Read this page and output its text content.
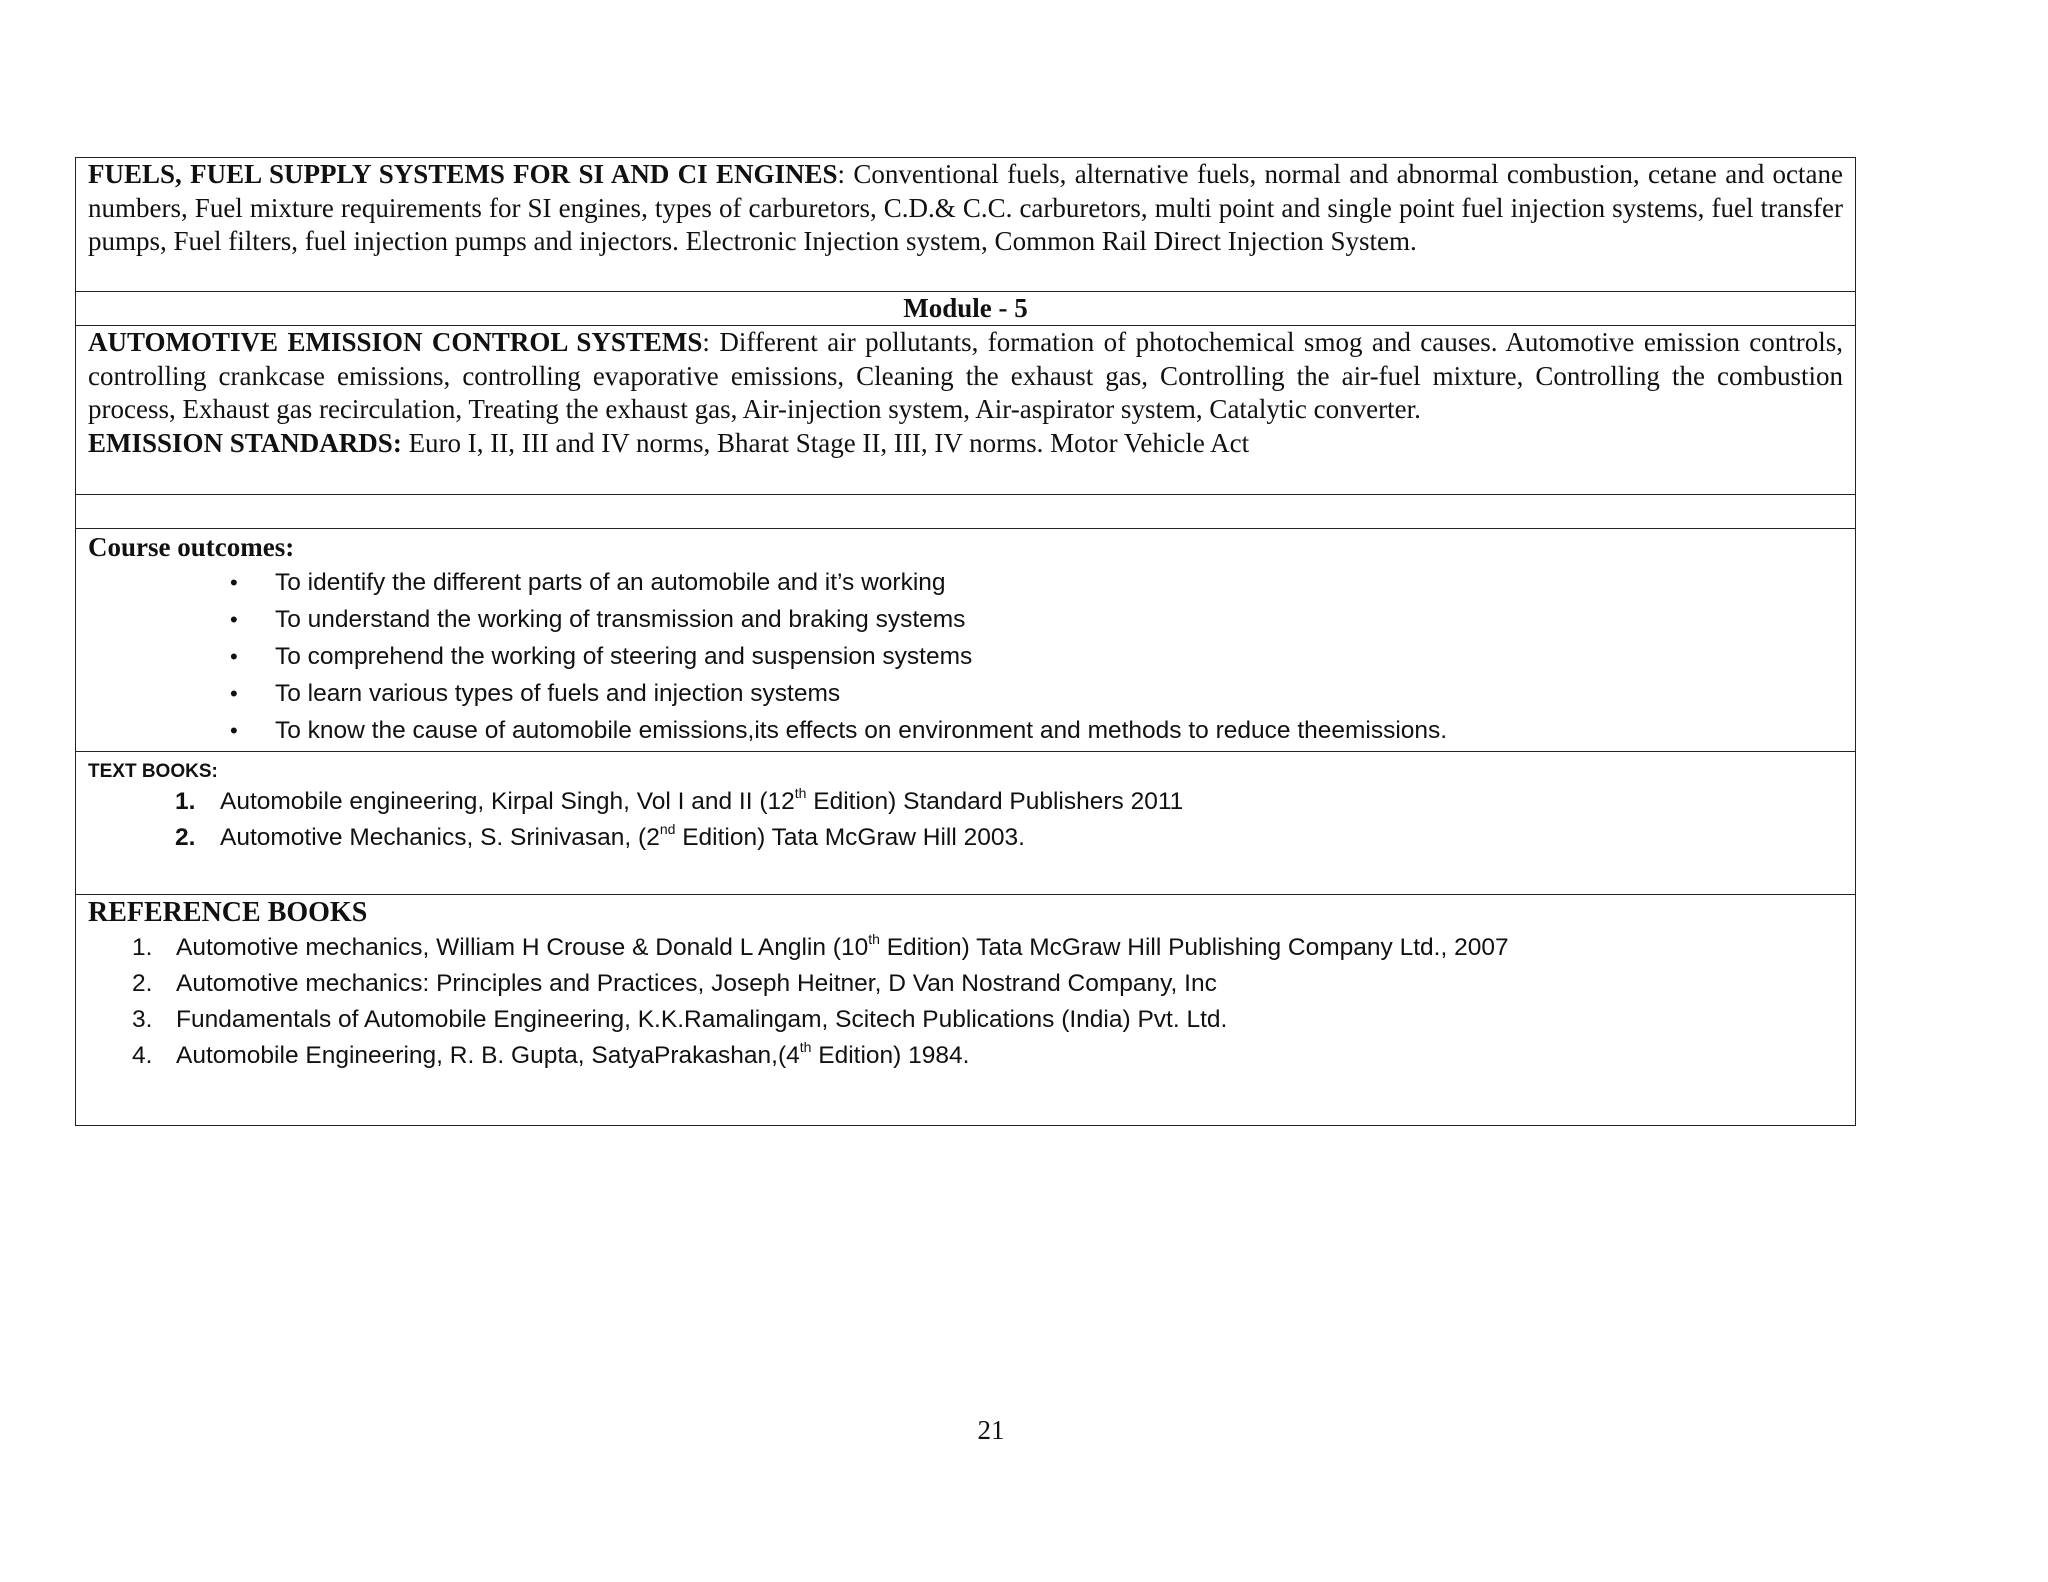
FUELS, FUEL SUPPLY SYSTEMS FOR SI AND CI ENGINES: Conventional fuels, alternative fuels, normal and abnormal combustion, cetane and octane numbers, Fuel mixture requirements for SI engines, types of carburetors, C.D.& C.C. carburetors, multi point and single point fuel injection systems, fuel transfer pumps, Fuel filters, fuel injection pumps and injectors. Electronic Injection system, Common Rail Direct Injection System.

Module - 5

AUTOMOTIVE EMISSION CONTROL SYSTEMS: Different air pollutants, formation of photochemical smog and causes. Automotive emission controls, controlling crankcase emissions, controlling evaporative emissions, Cleaning the exhaust gas, Controlling the air-fuel mixture, Controlling the combustion process, Exhaust gas recirculation, Treating the exhaust gas, Air-injection system, Air-aspirator system, Catalytic converter.

EMISSION STANDARDS: Euro I, II, III and IV norms, Bharat Stage II, III, IV norms. Motor Vehicle Act

Course outcomes:
• To identify the different parts of an automobile and it’s working
• To understand the working of transmission and braking systems
• To comprehend the working of steering and suspension systems
• To learn various types of fuels and injection systems
• To know the cause of automobile emissions,its effects on environment and methods to reduce theemissions.

TEXT BOOKS:
1. Automobile engineering, Kirpal Singh, Vol I and II (12th Edition) Standard Publishers 2011
2. Automotive Mechanics, S. Srinivasan, (2nd Edition) Tata McGraw Hill 2003.

REFERENCE BOOKS
1. Automotive mechanics, William H Crouse & Donald L Anglin (10th Edition) Tata McGraw Hill Publishing Company Ltd., 2007
2. Automotive mechanics: Principles and Practices, Joseph Heitner, D Van Nostrand Company, Inc
3. Fundamentals of Automobile Engineering, K.K.Ramalingam, Scitech Publications (India) Pvt. Ltd.
4. Automobile Engineering, R. B. Gupta, SatyaPrakashan,(4th Edition) 1984.
21
